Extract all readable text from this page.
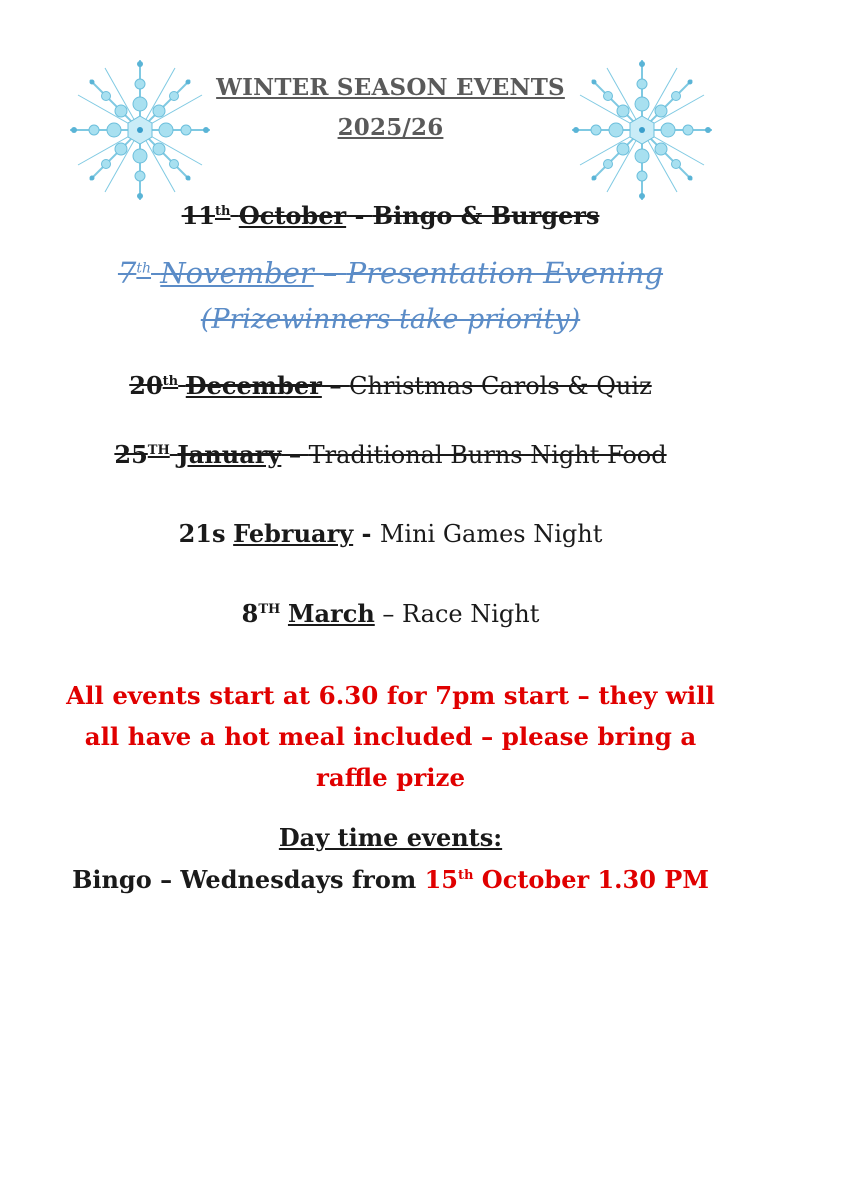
WINTER SEASON EVENTS
2025/26
11th October - Bingo & Burgers
7th November – Presentation Evening
(Prizewinners take priority)
20th December – Christmas Carols & Quiz
25TH January – Traditional Burns Night Food
21s February - Mini Games Night
8TH March – Race Night
All events start at 6.30 for 7pm start – they will
all have a hot meal included – please bring a
raffle prize
Day time events:
Bingo – Wednesdays from 15th October 1.30 PM
